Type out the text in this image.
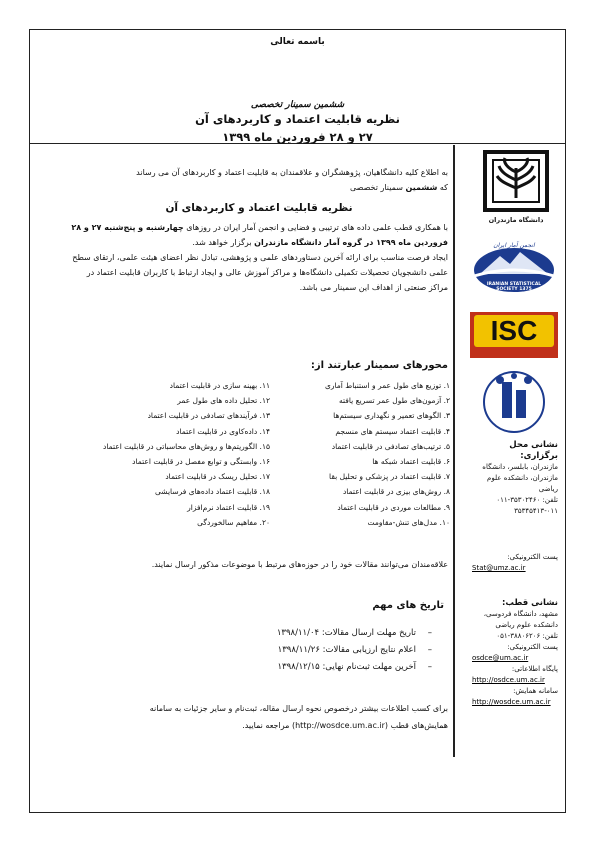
باسمه تعالی
ششمین سمینار تخصصی
نظریه قابلیت اعتماد و کاربردهای آن
۲۷ و ۲۸ فروردین ماه ۱۳۹۹

به اطلاع کلیه دانشگاهیان، پژوهشگران و علاقمندان به قابلیت اعتماد و کاربردهای آن می رساند

که ششمین سمینار تخصصی

نظریه قابلیت اعتماد و کاربردهای آن

با همکاری قطب علمی داده های ترتیبی و فضایی و انجمن آمار ایران در روزهای چهارشنبه و پنج‌شنبه ۲۷ و ۲۸ فروردین ماه ۱۳۹۹ در گروه آمار دانشگاه مازندران برگزار خواهد شد.

ایجاد فرصت مناسب برای ارائه آخرین دستاوردهای علمی و پژوهشی، تبادل نظر اعضای هیئت علمی، ارتقای سطح علمی دانشجویان تحصیلات تکمیلی دانشگاه‌ها و مراکز آموزش عالی و ایجاد ارتباط با کاربران قابلیت اعتماد در مراکز صنعتی از اهداف این سمینار می باشد.

محورهای سمینار عبارتند از:
۱. توزیع های طول عمر و استنباط آماری
۲. آزمون‌های طول عمر تسریع یافته
۳. الگوهای تعمیر و نگهداری سیستم‌ها
۴. قابلیت اعتماد سیستم های منسجم
۵. ترتیب‌های تصادفی در قابلیت اعتماد
۶. قابلیت اعتماد شبکه ها
۷. قابلیت اعتماد در پزشکی و تحلیل بقا
۸. روش‌های بیزی در قابلیت اعتماد
۹. مطالعات موردی در قابلیت اعتماد
۱۰. مدل‌های تنش-مقاومت
۱۱. بهینه سازی در قابلیت اعتماد
۱۲. تحلیل داده های طول عمر
۱۳. فرآیندهای تصادفی در قابلیت اعتماد
۱۴. داده‌کاوی در قابلیت اعتماد
۱۵. الگوریتم‌ها و روش‌های محاسباتی در قابلیت اعتماد
۱۶. وابستگی و توابع مفصل در قابلیت اعتماد
۱۷. تحلیل ریسک در قابلیت اعتماد
۱۸. قابلیت اعتماد داده‌های فرسایشی
۱۹. قابلیت اعتماد نرم‌افزار
۲۰. مفاهیم سالخوردگی
علاقه‌مندان می‌توانند مقالات خود را در حوزه‌های مرتبط با موضوعات مذکور ارسال نمایند.
تاریخ های مهم
–تاریخ مهلت ارسال مقالات: ۱۳۹۸/۱۱/۰۴
–اعلام نتایج ارزیابی مقالات: ۱۳۹۸/۱۱/۲۶
–آخرین مهلت ثبت‌نام نهایی: ۱۳۹۸/۱۲/۱۵
برای کسب اطلاعات بیشتر درخصوص نحوه ارسال مقاله، ثبت‌نام و سایر جزئیات به سامانه
همایش‌های قطب (http://wosdce.um.ac.ir) مراجعه نمایید.
دانشگاه مازندران
انجمن آمار ایران
IRANIAN STATISTICAL SOCIETY 1375
ISC
نشانی محل برگزاری:
مازندران، بابلسر، دانشگاه مازندران، دانشکده علوم ریاضی
تلفن: ۳۵۳۰۲۴۶۰-۰۱۱
۳۵۳۴۵۴۱۳-۰۱۱
پست الکترونیکی:
Stat@umz.ac.ir
نشانی قطب:
مشهد، دانشگاه فردوسی، دانشکده علوم ریاضی
تلفن: ۳۸۸۰۶۲۰۶-۰۵۱
پست الکترونیکی:
osdce@um.ac.ir
پایگاه اطلاعاتی:
http://osdce.um.ac.ir
سامانه همایش:
http://wosdce.um.ac.ir
